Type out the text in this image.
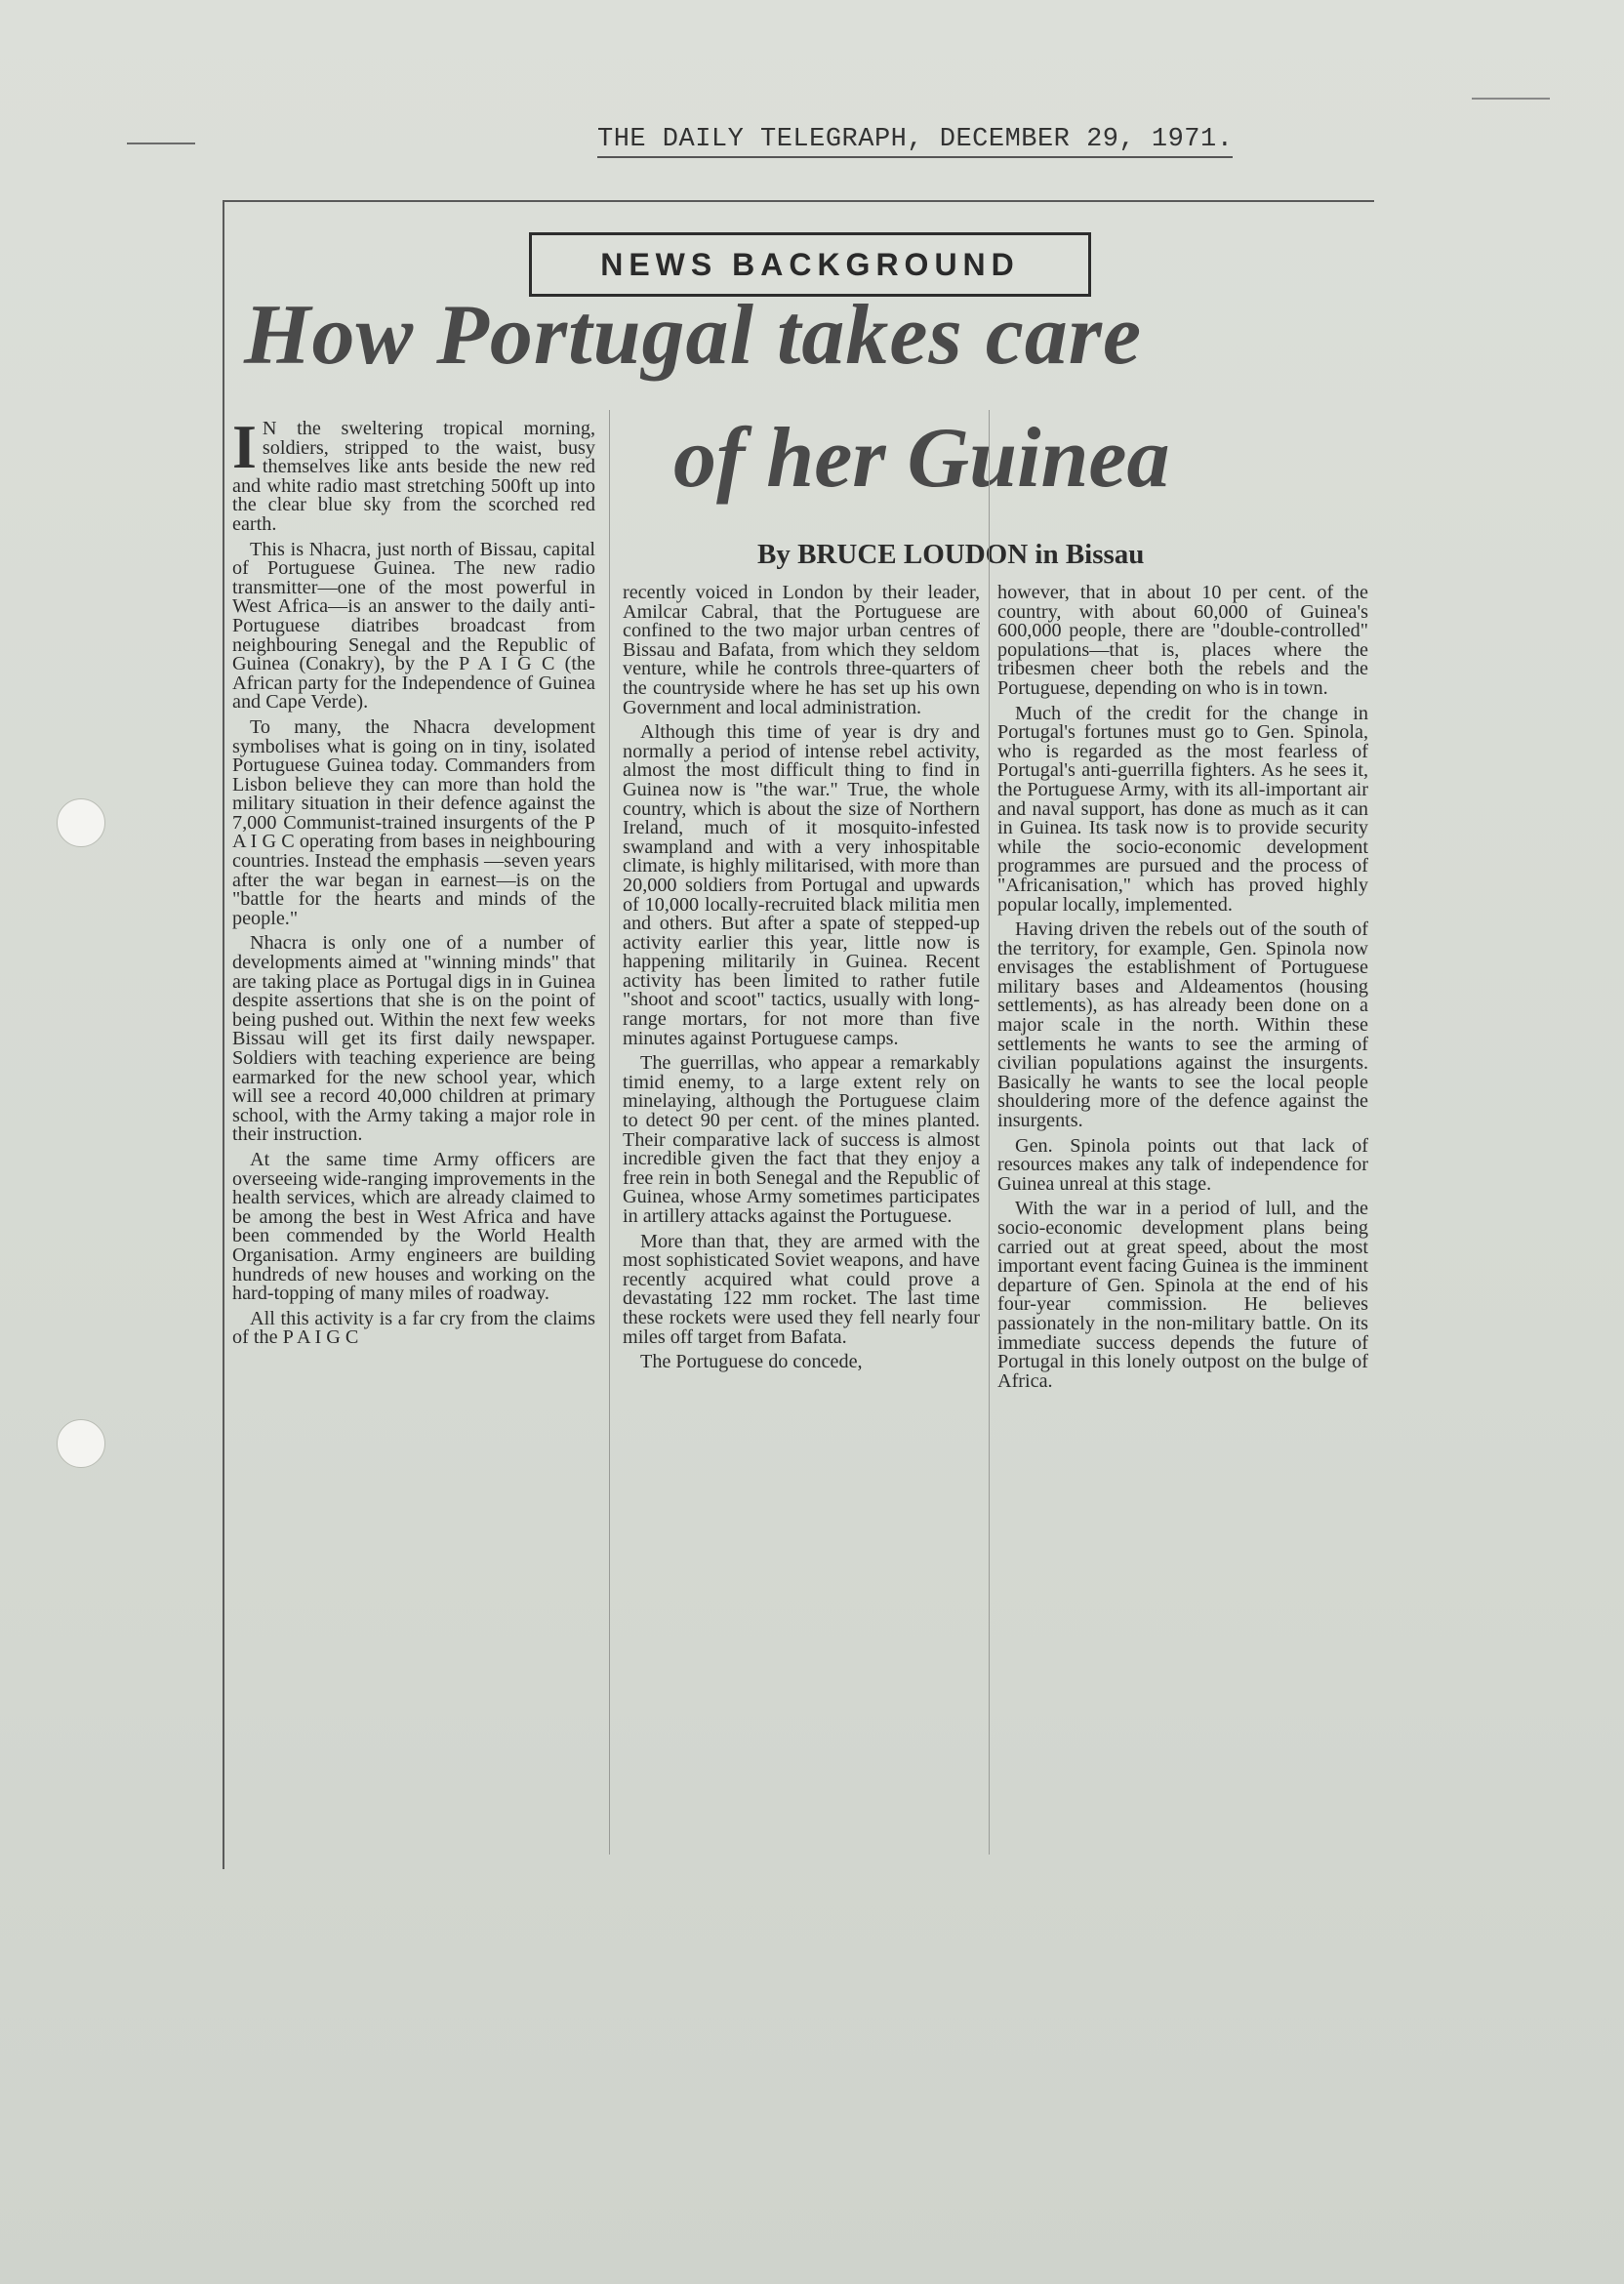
THE DAILY TELEGRAPH, DECEMBER 29, 1971.
NEWS BACKGROUND
How Portugal takes care
of her Guinea
By BRUCE LOUDON in Bissau

I N the sweltering tropical morning, soldiers, stripped to the waist, busy themselves like ants beside the new red and white radio mast stretching 500ft up into the clear blue sky from the scorched red earth.

This is Nhacra, just north of Bissau, capital of Portuguese Guinea. The new radio transmitter—one of the most powerful in West Africa—is an answer to the daily anti-Portuguese diatribes broadcast from neighbouring Senegal and the Republic of Guinea (Conakry), by the P A I G C (the African party for the Independence of Guinea and Cape Verde).

To many, the Nhacra development symbolises what is going on in tiny, isolated Portuguese Guinea today. Commanders from Lisbon believe they can more than hold the military situation in their defence against the 7,000 Communist-trained insurgents of the P A I G C operating from bases in neighbouring countries. Instead the emphasis —seven years after the war began in earnest—is on the "battle for the hearts and minds of the people."

Nhacra is only one of a number of developments aimed at "winning minds" that are taking place as Portugal digs in in Guinea despite assertions that she is on the point of being pushed out. Within the next few weeks Bissau will get its first daily newspaper. Soldiers with teaching experience are being earmarked for the new school year, which will see a record 40,000 children at primary school, with the Army taking a major role in their instruction.

At the same time Army officers are overseeing wide-ranging improvements in the health services, which are already claimed to be among the best in West Africa and have been commended by the World Health Organisation. Army engineers are building hundreds of new houses and working on the hard-topping of many miles of roadway.

All this activity is a far cry from the claims of the P A I G C

recently voiced in London by their leader, Amilcar Cabral, that the Portuguese are confined to the two major urban centres of Bissau and Bafata, from which they seldom venture, while he controls three-quarters of the countryside where he has set up his own Government and local administration.

Although this time of year is dry and normally a period of intense rebel activity, almost the most difficult thing to find in Guinea now is "the war." True, the whole country, which is about the size of Northern Ireland, much of it mosquito-infested swampland and with a very inhospitable climate, is highly militarised, with more than 20,000 soldiers from Portugal and upwards of 10,000 locally-recruited black militia men and others. But after a spate of stepped-up activity earlier this year, little now is happening militarily in Guinea. Recent activity has been limited to rather futile "shoot and scoot" tactics, usually with long-range mortars, for not more than five minutes against Portuguese camps.

The guerrillas, who appear a remarkably timid enemy, to a large extent rely on minelaying, although the Portuguese claim to detect 90 per cent. of the mines planted. Their comparative lack of success is almost incredible given the fact that they enjoy a free rein in both Senegal and the Republic of Guinea, whose Army sometimes participates in artillery attacks against the Portuguese.

More than that, they are armed with the most sophisticated Soviet weapons, and have recently acquired what could prove a devastating 122 mm rocket. The last time these rockets were used they fell nearly four miles off target from Bafata.

The Portuguese do concede,

however, that in about 10 per cent. of the country, with about 60,000 of Guinea's 600,000 people, there are "double-controlled" populations—that is, places where the tribesmen cheer both the rebels and the Portuguese, depending on who is in town.

Much of the credit for the change in Portugal's fortunes must go to Gen. Spinola, who is regarded as the most fearless of Portugal's anti-guerrilla fighters. As he sees it, the Portuguese Army, with its all-important air and naval support, has done as much as it can in Guinea. Its task now is to provide security while the socio-economic development programmes are pursued and the process of "Africanisation," which has proved highly popular locally, implemented.

Having driven the rebels out of the south of the territory, for example, Gen. Spinola now envisages the establishment of Portuguese military bases and Aldeamentos (housing settlements), as has already been done on a major scale in the north. Within these settlements he wants to see the arming of civilian populations against the insurgents. Basically he wants to see the local people shouldering more of the defence against the insurgents.

Gen. Spinola points out that lack of resources makes any talk of independence for Guinea unreal at this stage.

With the war in a period of lull, and the socio-economic development plans being carried out at great speed, about the most important event facing Guinea is the imminent departure of Gen. Spinola at the end of his four-year commission. He believes passionately in the non-military battle. On its immediate success depends the future of Portugal in this lonely outpost on the bulge of Africa.
